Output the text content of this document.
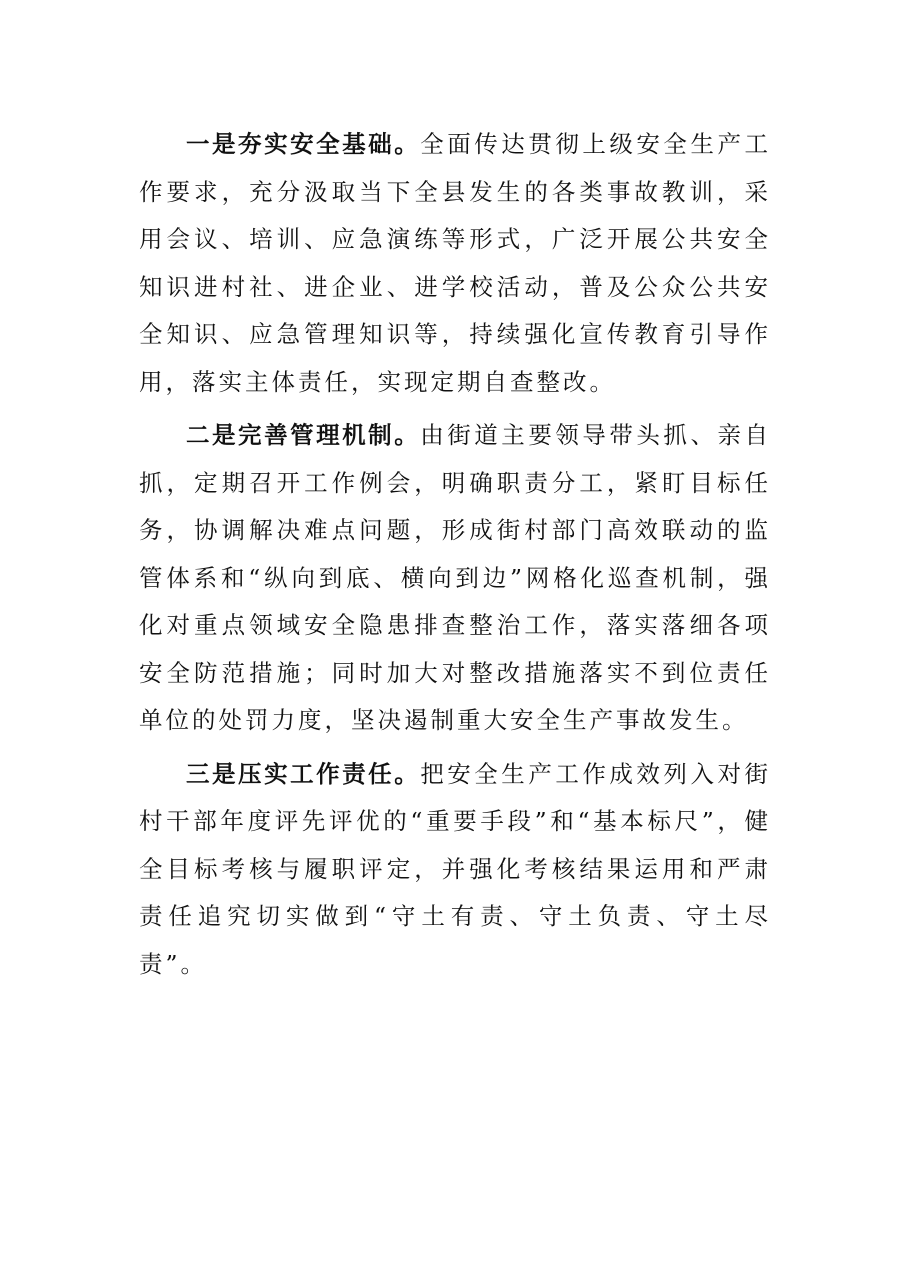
一是夯实安全基础。全面传达贯彻上级安全生产工作要求，充分汲取当下全县发生的各类事故教训，采用会议、培训、应急演练等形式，广泛开展公共安全知识进村社、进企业、进学校活动，普及公众公共安全知识、应急管理知识等，持续强化宣传教育引导作用，落实主体责任，实现定期自查整改。

二是完善管理机制。由街道主要领导带头抓、亲自抓，定期召开工作例会，明确职责分工，紧盯目标任务，协调解决难点问题，形成街村部门高效联动的监管体系和“纵向到底、横向到边”网格化巡查机制，强化对重点领域安全隐患排查整治工作，落实落细各项安全防范措施；同时加大对整改措施落实不到位责任单位的处罚力度，坚决遏制重大安全生产事故发生。

三是压实工作责任。把安全生产工作成效列入对街村干部年度评先评优的“重要手段”和“基本标尺”，健全目标考核与履职评定，并强化考核结果运用和严肃责任追究切实做到“守土有责、守土负责、守土尽责”。
